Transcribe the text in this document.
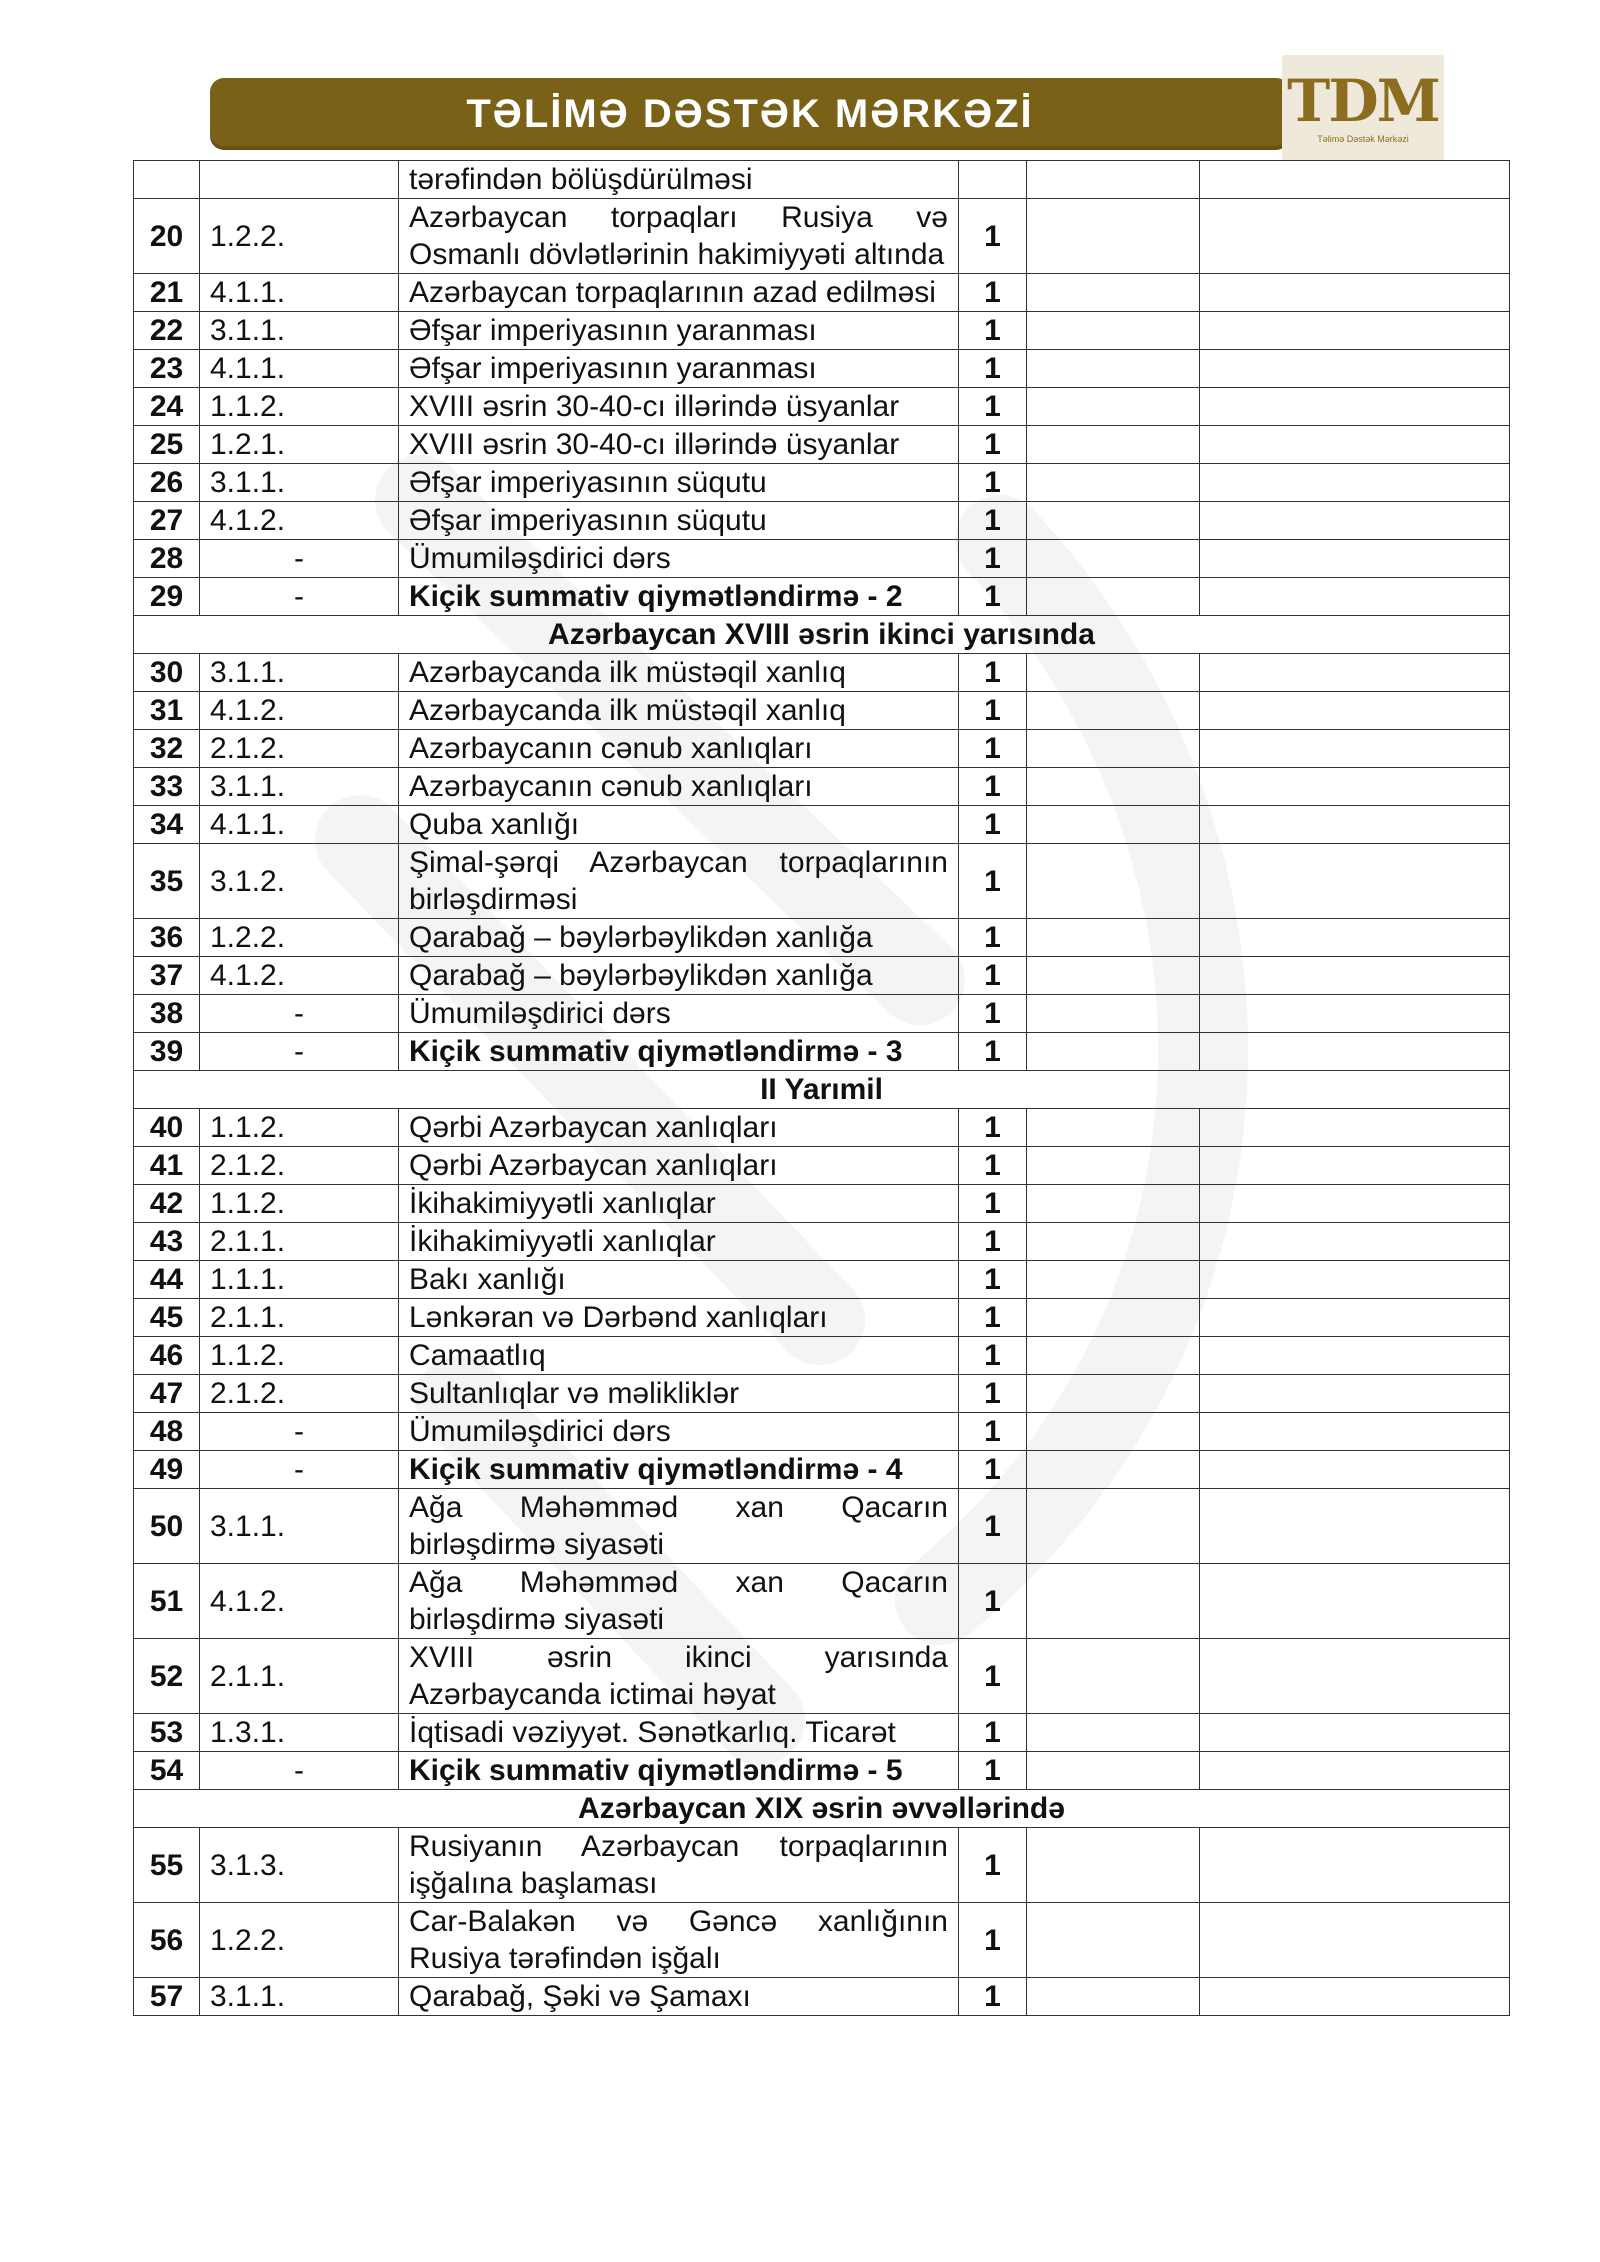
TƏLİMƏ DƏSTƏK MƏRKƏZİ	TDM
Təlimə Dəstək Mərkəzi
		tərəfindən bölüşdürülməsi			
20	1.2.2.	Azərbaycan torpaqları Rusiya və Osmanlı dövlətlərinin hakimiyyəti altında	1		
21	4.1.1.	Azərbaycan torpaqlarının azad edilməsi	1		
22	3.1.1.	Əfşar imperiyasının yaranması	1		
23	4.1.1.	Əfşar imperiyasının yaranması	1		
24	1.1.2.	XVIII əsrin 30-40-cı illərində üsyanlar	1		
25	1.2.1.	XVIII əsrin 30-40-cı illərində üsyanlar	1		
26	3.1.1.	Əfşar imperiyasının süqutu	1		
27	4.1.2.	Əfşar imperiyasının süqutu	1		
28	-	Ümumiləşdirici dərs	1		
29	-	Kiçik summativ qiymətləndirmə - 2	1		
Azərbaycan XVIII əsrin ikinci yarısında					
30	3.1.1.	Azərbaycanda ilk müstəqil xanlıq	1		
31	4.1.2.	Azərbaycanda ilk müstəqil xanlıq	1		
32	2.1.2.	Azərbaycanın cənub xanlıqları	1		
33	3.1.1.	Azərbaycanın cənub xanlıqları	1		
34	4.1.1.	Quba xanlığı	1		
35	3.1.2.	Şimal-şərqi Azərbaycan torpaqlarının birləşdirməsi	1		
36	1.2.2.	Qarabağ – bəylərbəylikdən xanlığa	1		
37	4.1.2.	Qarabağ – bəylərbəylikdən xanlığa	1		
38	-	Ümumiləşdirici dərs	1		
39	-	Kiçik summativ qiymətləndirmə - 3	1		
II Yarımil					
40	1.1.2.	Qərbi Azərbaycan xanlıqları	1		
41	2.1.2.	Qərbi Azərbaycan xanlıqları	1		
42	1.1.2.	İkihakimiyyətli xanlıqlar	1		
43	2.1.1.	İkihakimiyyətli xanlıqlar	1		
44	1.1.1.	Bakı xanlığı	1		
45	2.1.1.	Lənkəran və Dərbənd xanlıqları	1		
46	1.1.2.	Camaatlıq	1		
47	2.1.2.	Sultanlıqlar və məlikliklər	1		
48	-	Ümumiləşdirici dərs	1		
49	-	Kiçik summativ qiymətləndirmə - 4	1		
50	3.1.1.	Ağa Məhəmməd xan Qacarın birləşdirmə siyasəti	1		
51	4.1.2.	Ağa Məhəmməd xan Qacarın birləşdirmə siyasəti	1		
52	2.1.1.	XVIII əsrin ikinci yarısında Azərbaycanda ictimai həyat	1		
53	1.3.1.	İqtisadi vəziyyət. Sənətkarlıq. Ticarət	1		
54	-	Kiçik summativ qiymətləndirmə - 5	1		
Azərbaycan XIX əsrin əvvəllərində					
55	3.1.3.	Rusiyanın Azərbaycan torpaqlarının işğalına başlaması	1		
56	1.2.2.	Car-Balakən və Gəncə xanlığının Rusiya tərəfindən işğalı	1		
57	3.1.1.	Qarabağ, Şəki və Şamaxı	1		
